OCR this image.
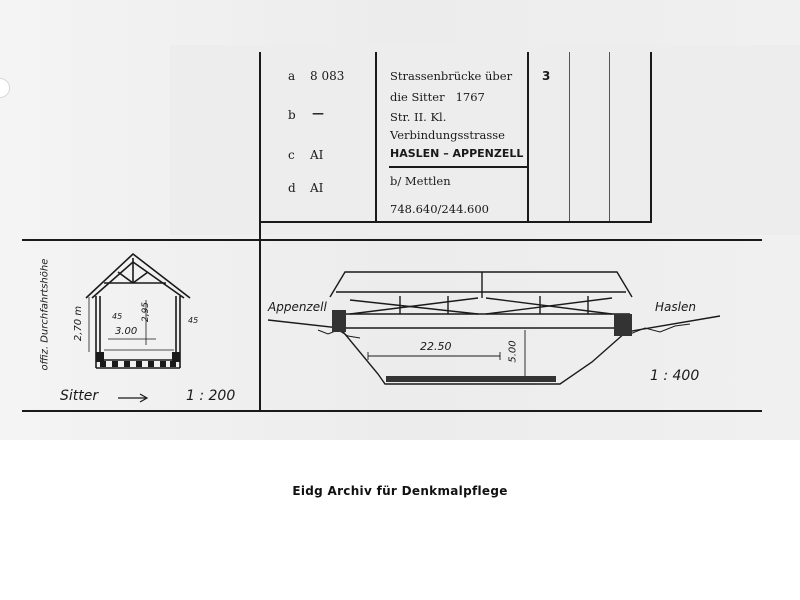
a 8 083
b —
c AI
d AI
Strassenbrücke über
die Sitter   1767
Str. II. Kl.
Verbindungsstrasse
HASLEN – APPENZELL
b/ Mettlen
748.640/244.600
3
offiz. Durchfahrtshöhe 2,70 m	3.00
2,95
45	45
Sitter	1 : 200
Appenzell	Haslen
22.50	5.00
1 : 400
Eidg Archiv für Denkmalpflege
